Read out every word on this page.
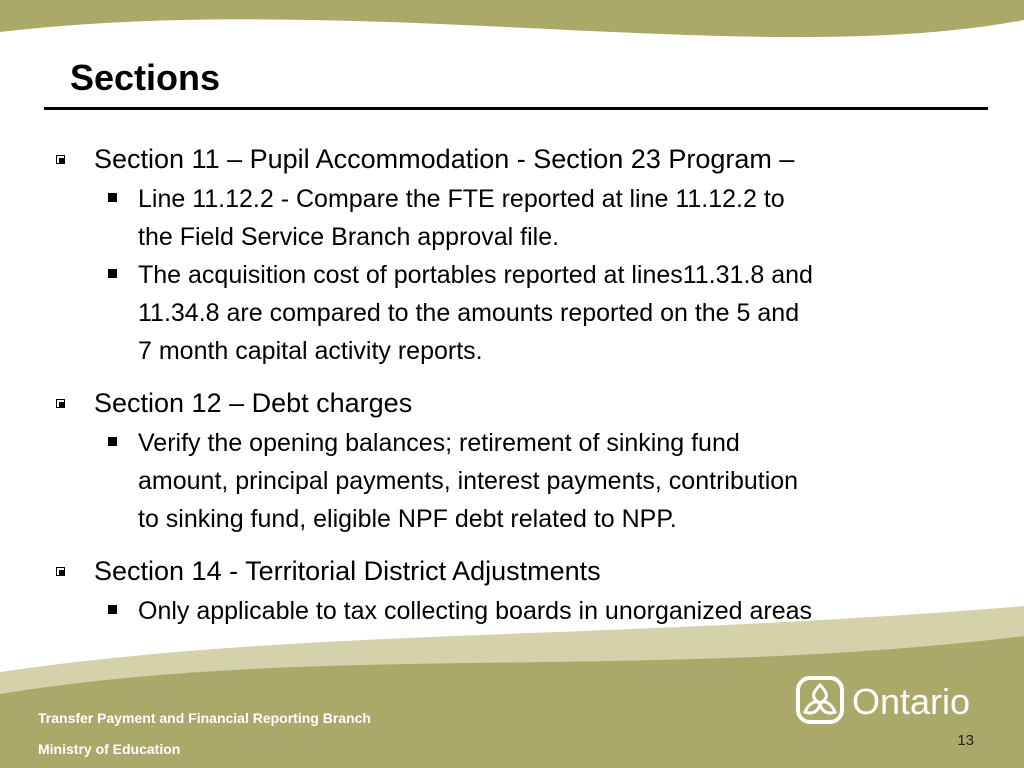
Sections
Section 11 – Pupil Accommodation - Section 23 Program –
Line 11.12.2 - Compare the FTE reported at line 11.12.2 to
the Field Service Branch approval file.
The acquisition cost of portables reported at lines11.31.8 and
11.34.8 are compared to the amounts reported on the 5 and
7 month capital activity reports.
Section 12 – Debt charges
Verify the opening balances; retirement of sinking fund
amount, principal payments, interest payments, contribution
to sinking fund, eligible NPF debt related to NPP.
Section 14 - Territorial District Adjustments
Only applicable to tax collecting boards in unorganized areas
Ontario
Transfer Payment and Financial Reporting Branch
Ministry of Education	13
